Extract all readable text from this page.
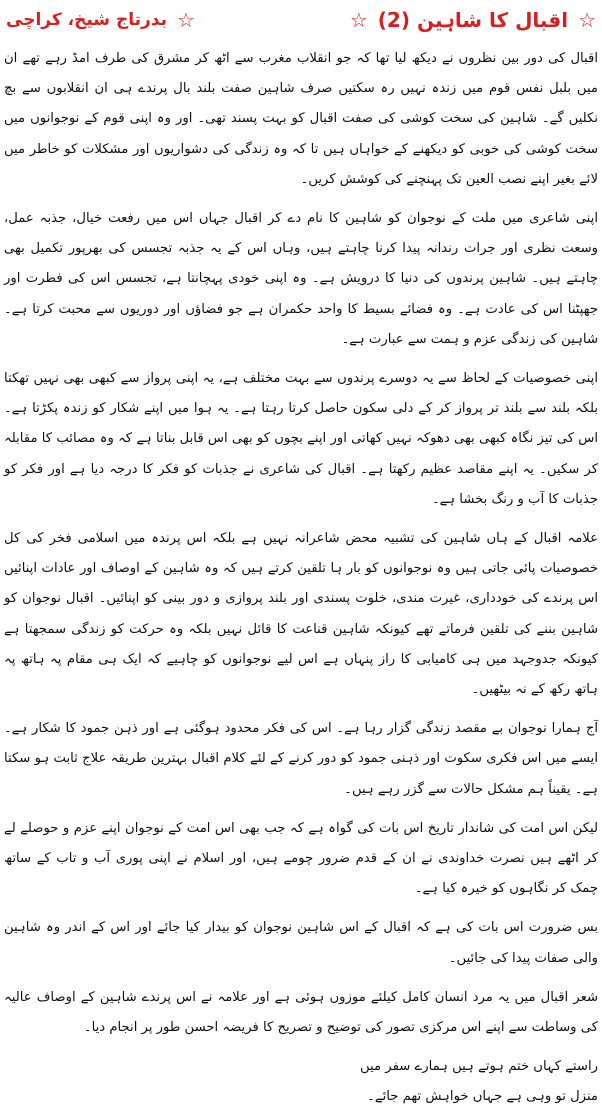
☆
اقبال کا شاہین (2)
☆
☆
بدرتاج شیخ، کراچی

اقبال کی دور بین نظروں نے دیکھ لیا تھا کہ جو انقلاب مغرب سے اٹھ کر مشرق کی طرف امڈ رہے تھے ان میں بلبل نفس قوم میں زندہ نہیں رہ سکتیں صرف شاہین صفت بلند بال پرندے ہی ان انقلابوں سے بچ نکلیں گے۔ شاہین کی سخت کوشی کی صفت اقبال کو بہت پسند تھی۔ اور وہ اپنی قوم کے نوجوانوں میں سخت کوشی کی خوبی کو دیکھنے کے خواہاں ہیں تا کہ وہ زندگی کی دشواریوں اور مشکلات کو خاطر میں لائے بغیر اپنے نصب العین تک پہنچنے کی کوشش کریں۔

اپنی شاعری میں ملت کے نوجوان کو شاہین کا نام دے کر اقبال جہاں اس میں رفعت خیال، جذبہ عمل، وسعت نظری اور جرات رندانہ پیدا کرنا چاہتے ہیں، وہاں اس کے یہ جذبہ تجسس کی بھرپور تکمیل بھی چاہتے ہیں۔ شاہین پرندوں کی دنیا کا درویش ہے۔ وہ اپنی خودی پہچانتا ہے، تجسس اس کی فطرت اور جھپٹنا اس کی عادت ہے۔ وہ فضائے بسیط کا واحد حکمران ہے جو فضاؤں اور دوریوں سے محبت کرتا ہے۔ شاہین کی زندگی عزم و ہمت سے عبارت ہے۔

اپنی خصوصیات کے لحاظ سے یہ دوسرے پرندوں سے بہت مختلف ہے، یہ اپنی پرواز سے کبھی بھی نہیں تھکتا بلکہ بلند سے بلند تر پرواز کر کے دلی سکون حاصل کرتا رہتا ہے۔ یہ ہوا میں اپنے شکار کو زندہ پکڑتا ہے۔ اس کی تیز نگاہ کبھی بھی دھوکہ نہیں کھاتی اور اپنے بچوں کو بھی اس قابل بناتا ہے کہ وہ مصائب کا مقابلہ کر سکیں۔ یہ اپنے مقاصد عظیم رکھتا ہے۔ اقبال کی شاعری نے جذبات کو فکر کا درجہ دیا ہے اور فکر کو جذبات کا آب و رنگ بخشا ہے۔

علامہ اقبال کے ہاں شاہین کی تشبیہ محض شاعرانہ نہیں ہے بلکہ اس پرندہ میں اسلامی فخر کی کل خصوصیات پائی جاتی ہیں وہ نوجوانوں کو بار ہا تلقین کرتے ہیں کہ وہ شاہین کے اوصاف اور عادات اپنائیں اس پرندے کی خودداری، غیرت مندی، خلوت پسندی اور بلند پروازی و دور بینی کو اپنائیں۔ اقبال نوجوان کو شاہین بننے کی تلقین فرماتے تھے کیونکہ شاہین قناعت کا قائل نہیں بلکہ وہ حرکت کو زندگی سمجھتا ہے کیونکہ جدوجہد میں ہی کامیابی کا راز پنہاں ہے اس لیے نوجوانوں کو چاہیے کہ ایک ہی مقام پہ ہاتھ پہ ہاتھ رکھ کے نہ بیٹھیں۔

آج ہمارا نوجوان بے مقصد زندگی گزار رہا ہے۔ اس کی فکر محدود ہوگئی ہے اور ذہن جمود کا شکار ہے۔ ایسے میں اس فکری سکوت اور ذہنی جمود کو دور کرنے کے لئے کلام اقبال بہترین طریقہ علاج ثابت ہو سکتا ہے۔ یقیناً ہم مشکل حالات سے گزر رہے ہیں۔

لیکن اس امت کی شاندار تاریخ اس بات کی گواہ ہے کہ جب بھی اس امت کے نوجوان اپنے عزم و حوصلے لے کر اٹھے ہیں نصرت خداوندی نے ان کے قدم ضرور چومے ہیں، اور اسلام نے اپنی پوری آب و تاب کے ساتھ چمک کر نگاہوں کو خیرہ کیا ہے۔

بس ضرورت اس بات کی ہے کہ اقبال کے اس شاہین نوجوان کو بیدار کیا جائے اور اس کے اندر وہ شاہین والی صفات پیدا کی جائیں۔

شعر اقبال میں یہ مرد انسان کامل کیلئے موزوں ہوئی ہے اور علامہ نے اس پرندے شاہین کے اوصاف عالیہ کی وساطت سے اپنے اس مرکزی تصور کی توضیح و تصریح کا فریضہ احسن طور پر انجام دیا۔

راستے کہاں ختم ہوتے ہیں ہمارے سفر میں

منزل تو وہی ہے جہاں خواہش تھم جائے۔
